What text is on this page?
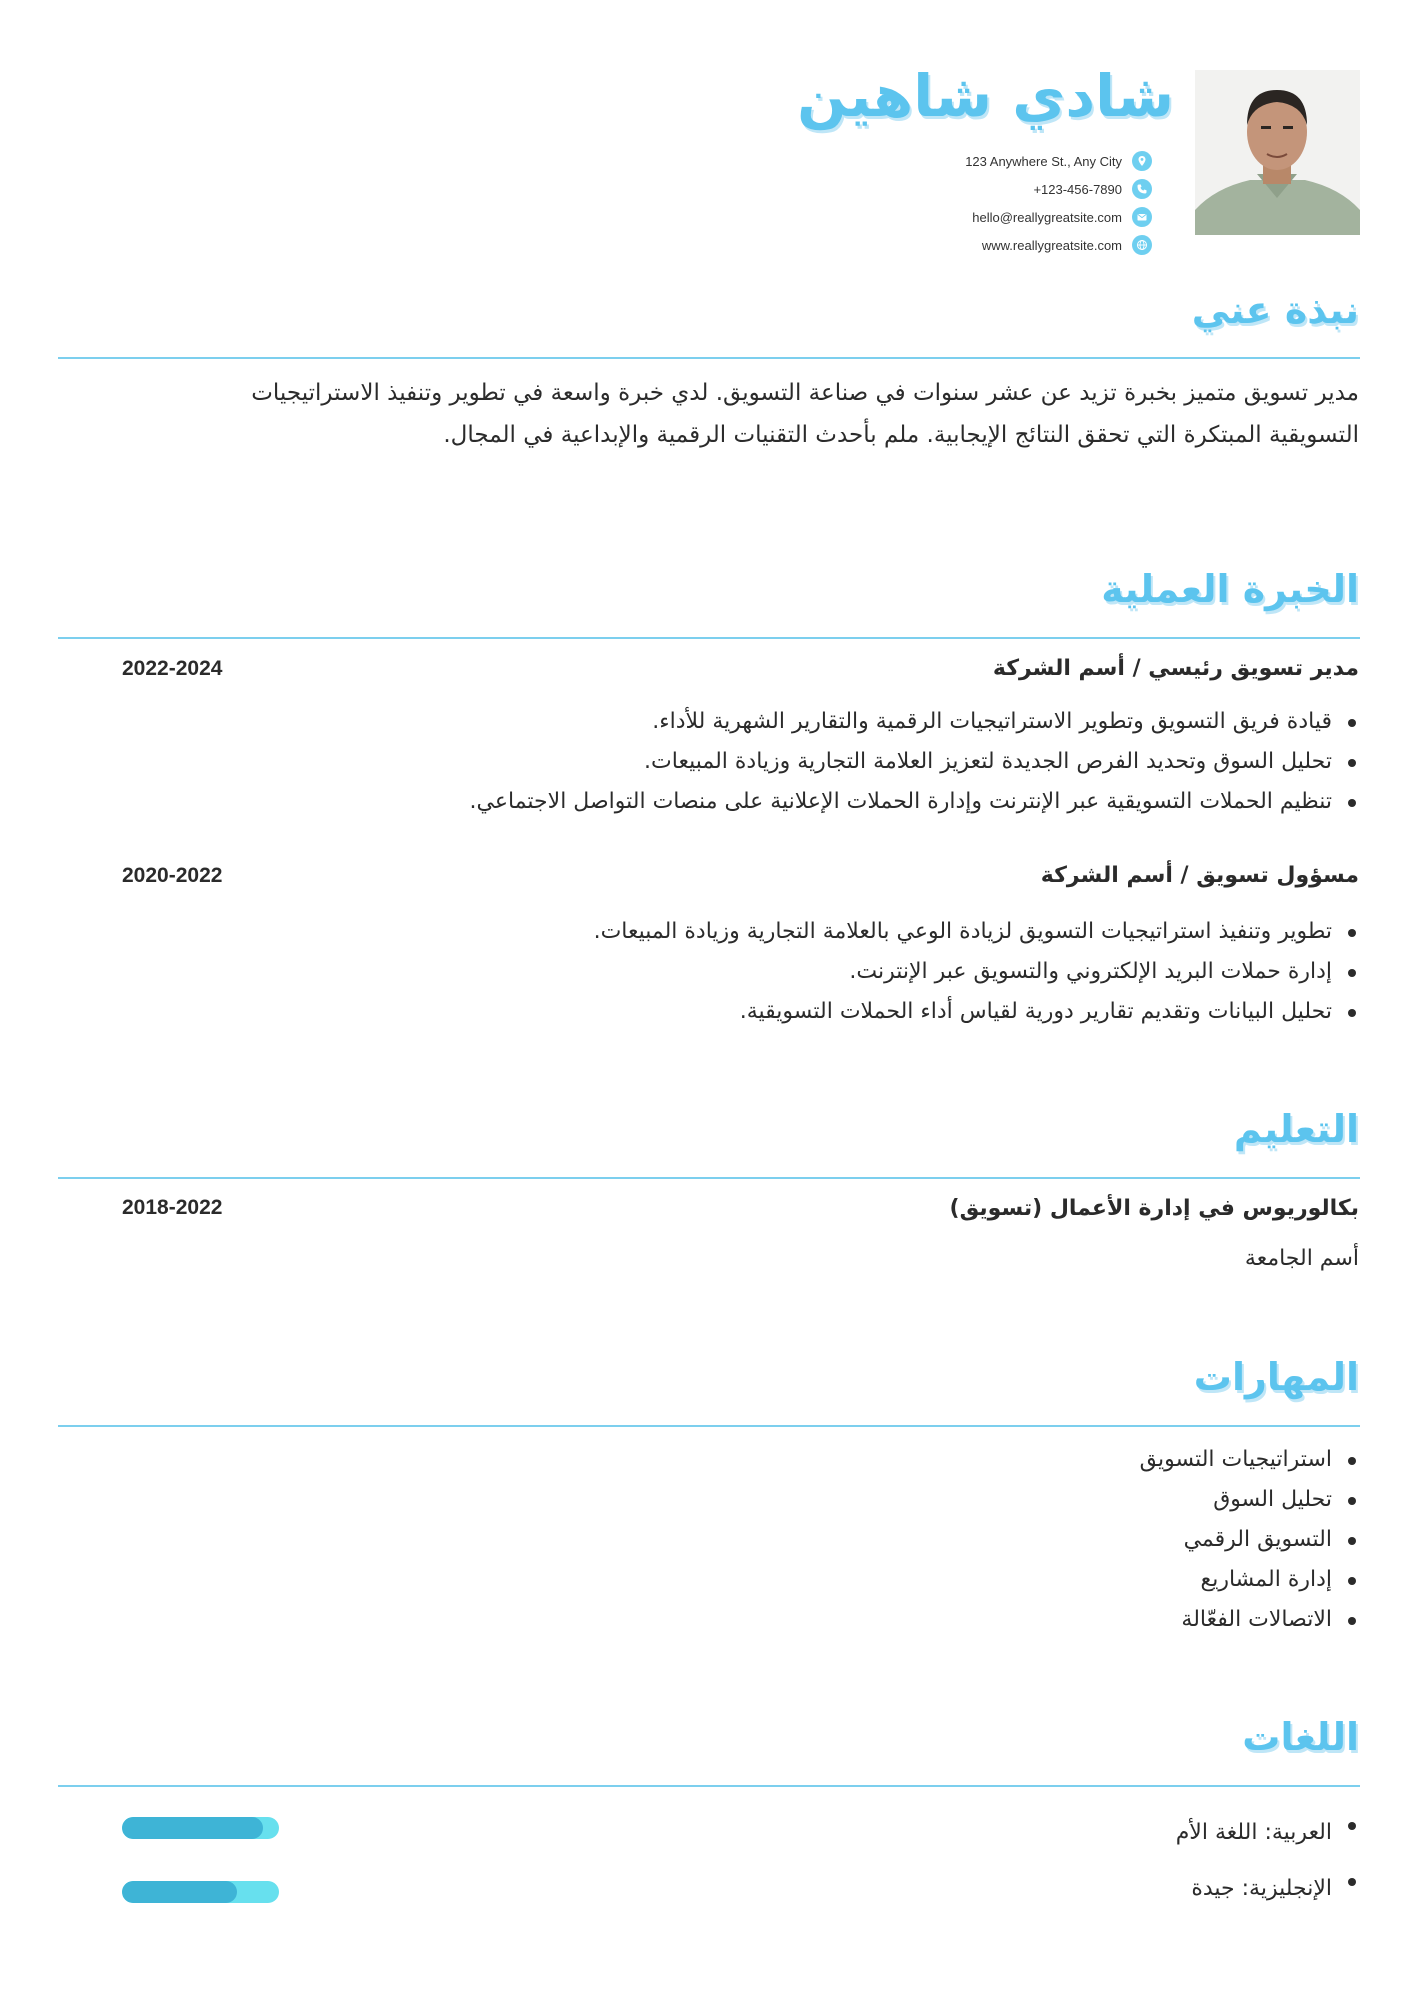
شادي شاهين
123 Anywhere St., Any City
+123-456-7890
hello@reallygreatsite.com
www.reallygreatsite.com
نبذة عني
مدير تسويق متميز بخبرة تزيد عن عشر سنوات في صناعة التسويق. لدي خبرة واسعة في تطوير وتنفيذ الاستراتيجيات التسويقية المبتكرة التي تحقق النتائج الإيجابية. ملم بأحدث التقنيات الرقمية والإبداعية في المجال.
الخبرة العملية
مدير تسويق رئيسي / أسم الشركة
2022-2024
قيادة فريق التسويق وتطوير الاستراتيجيات الرقمية والتقارير الشهرية للأداء.
تحليل السوق وتحديد الفرص الجديدة لتعزيز العلامة التجارية وزيادة المبيعات.
تنظيم الحملات التسويقية عبر الإنترنت وإدارة الحملات الإعلانية على منصات التواصل الاجتماعي.
مسؤول تسويق / أسم الشركة
2020-2022
تطوير وتنفيذ استراتيجيات التسويق لزيادة الوعي بالعلامة التجارية وزيادة المبيعات.
إدارة حملات البريد الإلكتروني والتسويق عبر الإنترنت.
تحليل البيانات وتقديم تقارير دورية لقياس أداء الحملات التسويقية.
التعليم
بكالوريوس في إدارة الأعمال (تسويق)
2018-2022
أسم الجامعة
المهارات
استراتيجيات التسويق
تحليل السوق
التسويق الرقمي
إدارة المشاريع
الاتصالات الفعّالة
اللغات
العربية: اللغة الأم
الإنجليزية: جيدة
